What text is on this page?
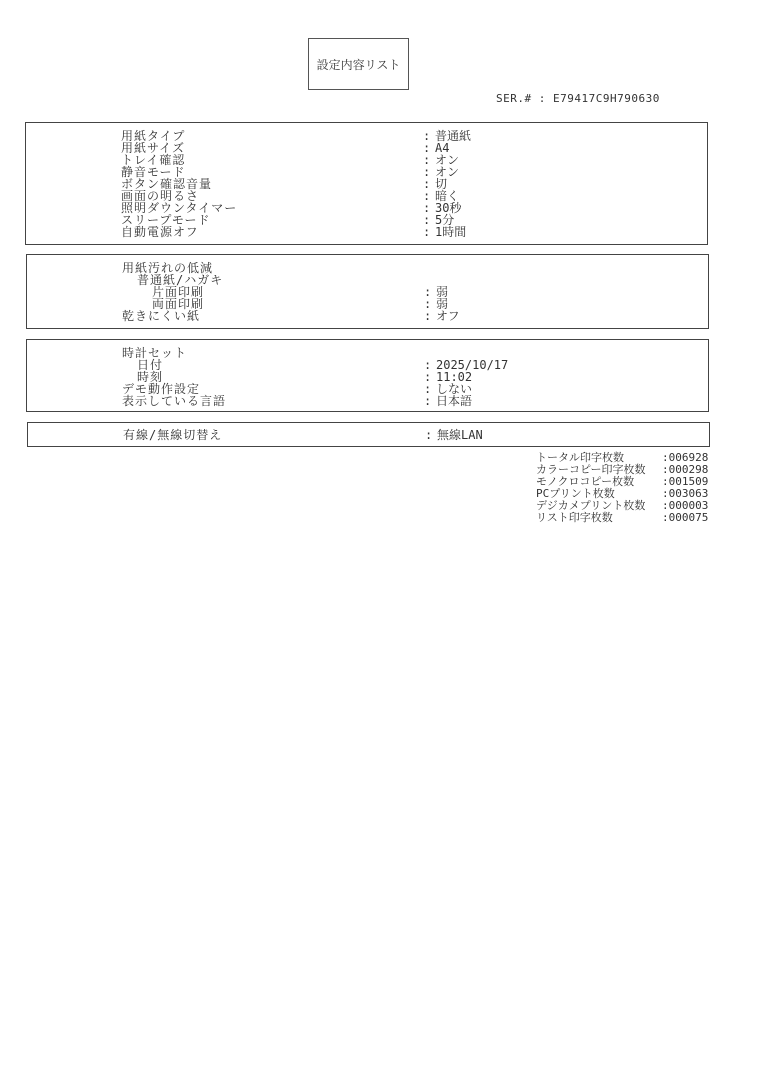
設定内容リスト
SER.# : E79417C9H790630
用紙タイプ	: 普通紙
用紙サイズ	: A4
トレイ確認	: オン
静音モード	: オン
ボタン確認音量	: 切
画面の明るさ	: 暗く
照明ダウンタイマー	: 30秒
スリープモード	: 5分
自動電源オフ	: 1時間
用紙汚れの低減
普通紙/ハガキ
片面印刷	: 弱
両面印刷	: 弱
乾きにくい紙	: オフ
時計セット
日付	: 2025/10/17
時刻	: 11:02
デモ動作設定	: しない
表示している言語	: 日本語
有線/無線切替え	: 無線LAN
トータル印字枚数	:006928
カラーコピー印字枚数 :000298
モノクロコピー枚数	:001509
PCプリント枚数	:003063
デジカメプリント枚数 :000003
リスト印字枚数	:000075
